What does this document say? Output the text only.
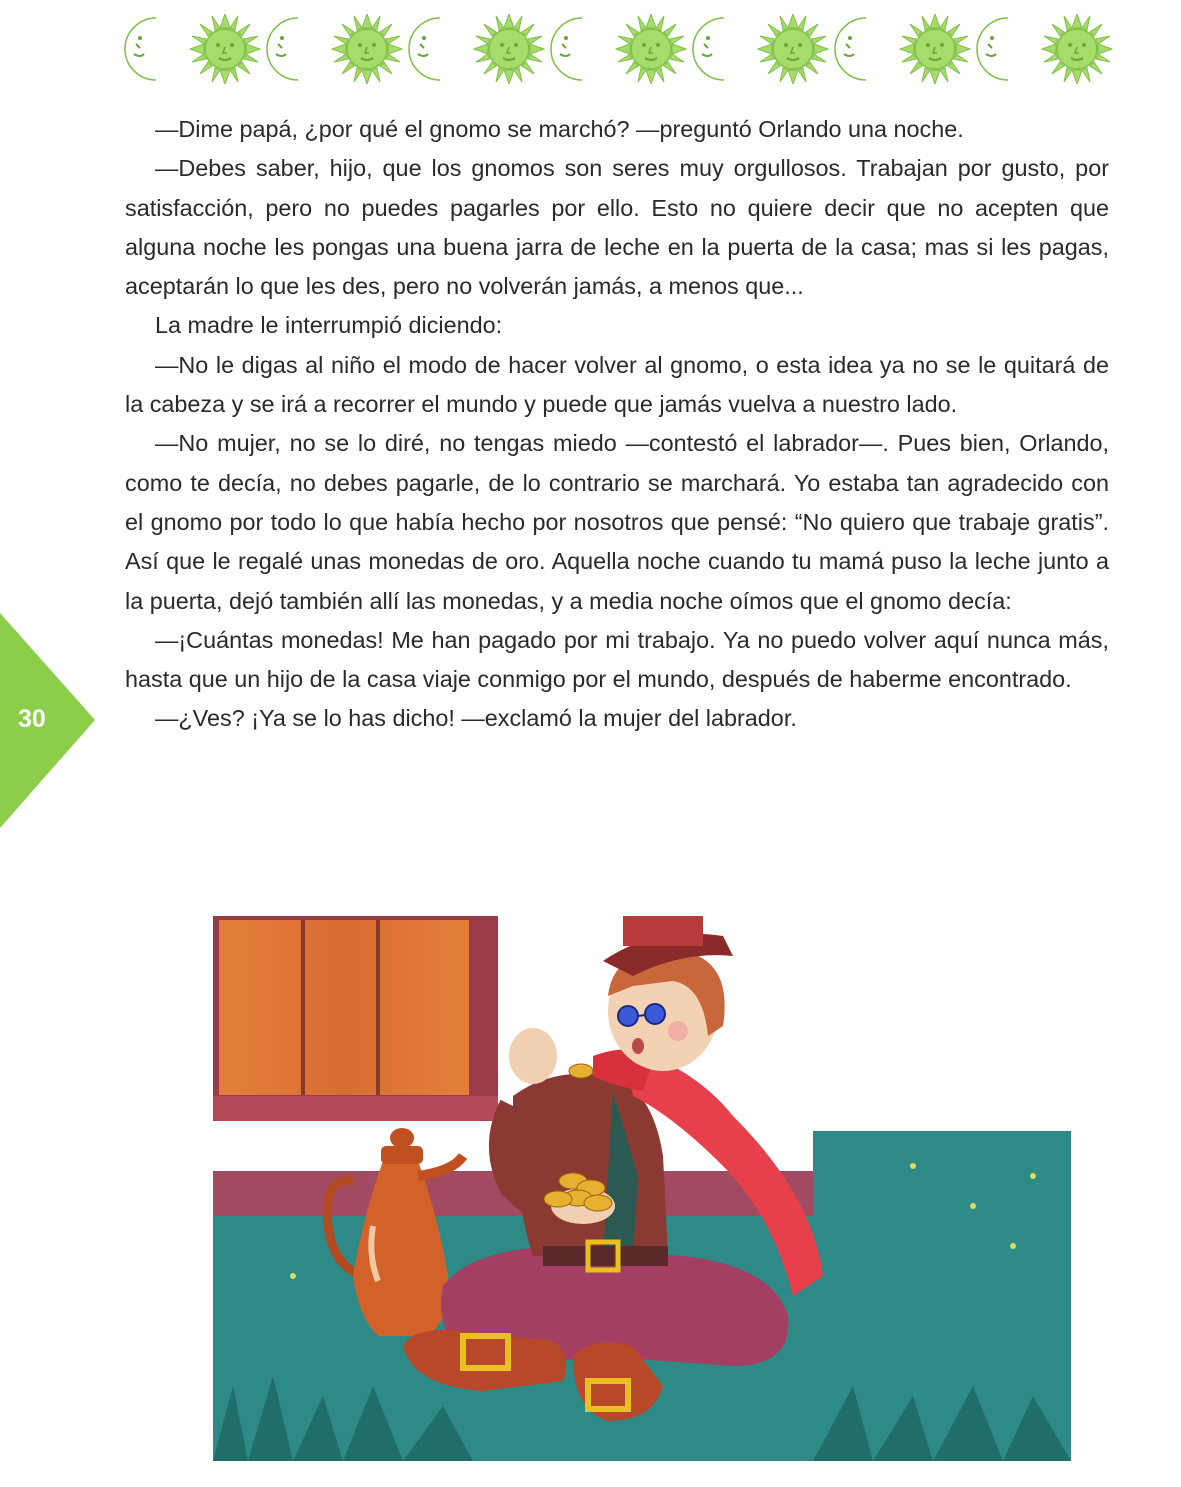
30

—Dime papá, ¿por qué el gnomo se marchó? —preguntó Orlando una noche.

—Debes saber, hijo, que los gnomos son seres muy orgullosos. Trabajan por gusto, por satisfacción, pero no puedes pagarles por ello. Esto no quiere decir que no acepten que alguna noche les pongas una buena jarra de leche en la puerta de la casa; mas si les pagas, aceptarán lo que les des, pero no volverán jamás, a menos que...

La madre le interrumpió diciendo:

—No le digas al niño el modo de hacer volver al gnomo, o esta idea ya no se le quitará de la cabeza y se irá a recorrer el mundo y puede que jamás vuelva a nuestro lado.

—No mujer, no se lo diré, no tengas miedo —contestó el labrador—. Pues bien, Orlando, como te decía, no debes pagarle, de lo contrario se marchará. Yo estaba tan agradecido con el gnomo por todo lo que había hecho por nosotros que pensé: “No quiero que trabaje gratis”. Así que le regalé unas monedas de oro. Aquella noche cuando tu mamá puso la leche junto a la puerta, dejó también allí las monedas, y a media noche oímos que el gnomo decía:

—¡Cuántas monedas! Me han pagado por mi trabajo. Ya no puedo volver aquí nunca más, hasta que un hijo de la casa viaje conmigo por el mundo, después de haberme encontrado.

—¿Ves? ¡Ya se lo has dicho! —exclamó la mujer del labrador.
